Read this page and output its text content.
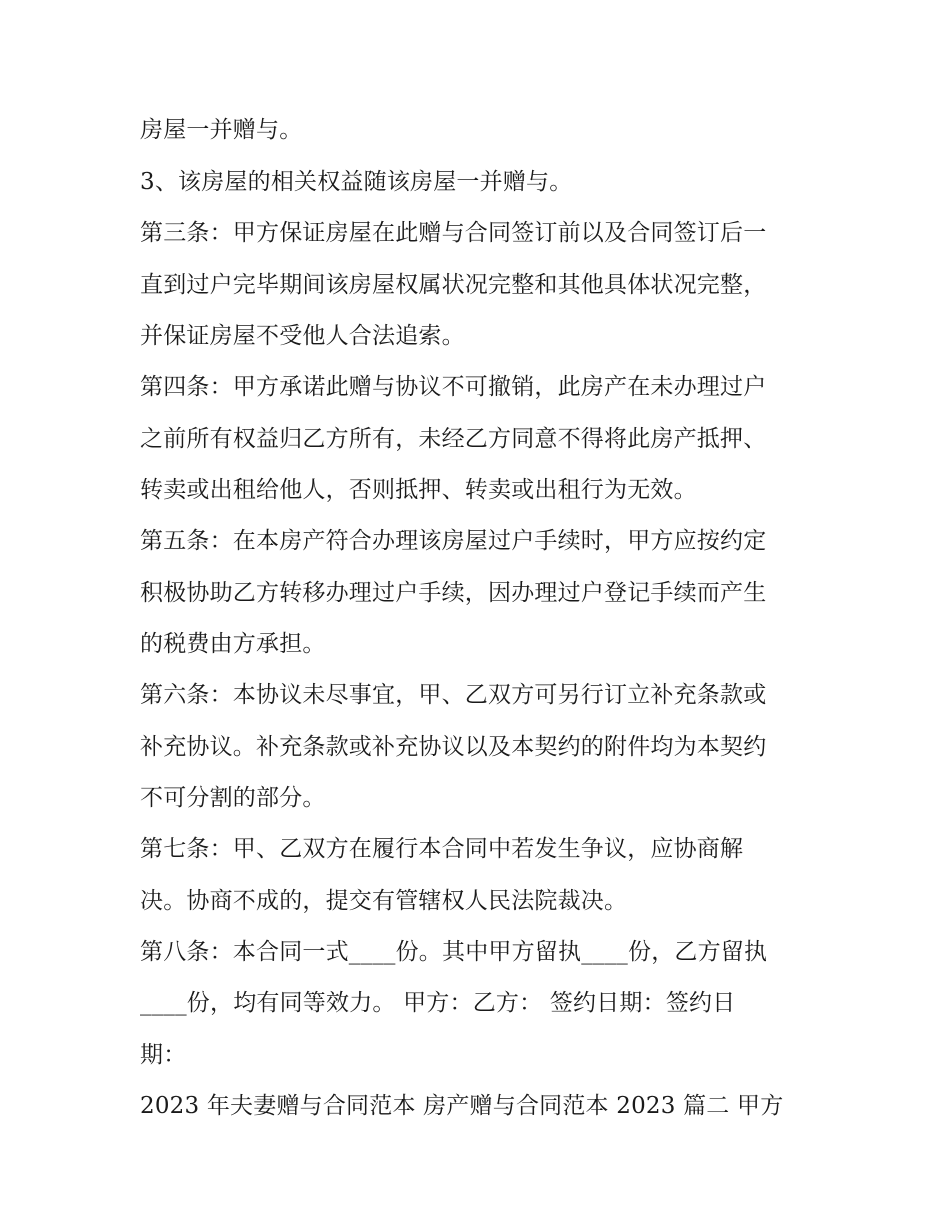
房屋一并赠与。
3、该房屋的相关权益随该房屋一并赠与。
第三条：甲方保证房屋在此赠与合同签订前以及合同签订后一
直到过户完毕期间该房屋权属状况完整和其他具体状况完整，
并保证房屋不受他人合法追索。
第四条：甲方承诺此赠与协议不可撤销，此房产在未办理过户
之前所有权益归乙方所有，未经乙方同意不得将此房产抵押、
转卖或出租给他人，否则抵押、转卖或出租行为无效。
第五条：在本房产符合办理该房屋过户手续时，甲方应按约定
积极协助乙方转移办理过户手续，因办理过户登记手续而产生
的税费由方承担。
第六条：本协议未尽事宜，甲、乙双方可另行订立补充条款或
补充协议。补充条款或补充协议以及本契约的附件均为本契约
不可分割的部分。
第七条：甲、乙双方在履行本合同中若发生争议，应协商解
决。协商不成的，提交有管辖权人民法院裁决。
第八条：本合同一式____份。其中甲方留执____份，乙方留执
____份，均有同等效力。 甲方：乙方： 签约日期：签约日
期：
2023 年夫妻赠与合同范本 房产赠与合同范本 2023 篇二 甲方
